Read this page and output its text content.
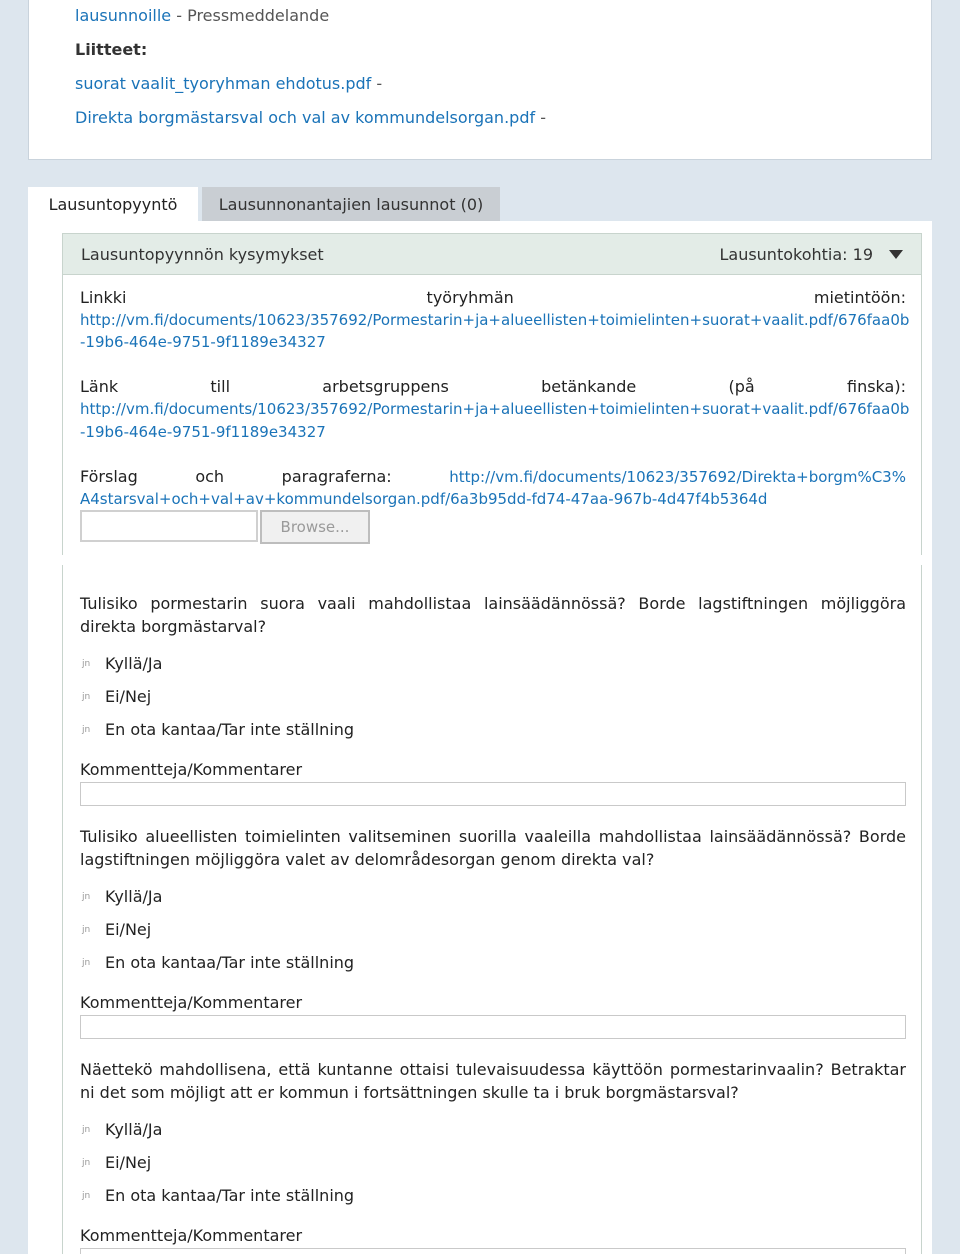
lausunnoille - Pressmeddelande
Liitteet:
suorat vaalit_tyoryhman ehdotus.pdf -
Direkta borgmästarsval och val av kommundelsorgan.pdf -
Lausuntopyyntö	Lausunnonantajien lausunnot (0)
Lausuntopyynnön kysymykset	Lausuntokohtia: 19
Linkki	työryhmän	mietintöön:
http://vm.fi/documents/10623/357692/Pormestarin+ja+alueellisten+toimielinten+suorat+vaalit.pdf/676faa0b
-19b6-464e-9751-9f1189e34327
Länk	till	arbetsgruppens	betänkande	(på	finska):
http://vm.fi/documents/10623/357692/Pormestarin+ja+alueellisten+toimielinten+suorat+vaalit.pdf/676faa0b
-19b6-464e-9751-9f1189e34327
Förslag	och	paragraferna:	http://vm.fi/documents/10623/357692/Direkta+borgm%C3%
A4starsval+och+val+av+kommundelsorgan.pdf/6a3b95dd-fd74-47aa-967b-4d47f4b5364d
Browse...
Tulisiko pormestarin suora vaali mahdollistaa lainsäädännössä? Borde lagstiftningen möjliggöra direkta borgmästarval?
jn Kyllä/Ja
jn Ei/Nej
jn En ota kantaa/Tar inte ställning
Kommentteja/Kommentarer
Tulisiko alueellisten toimielinten valitseminen suorilla vaaleilla mahdollistaa lainsäädännössä? Borde lagstiftningen möjliggöra valet av delområdesorgan genom direkta val?
jn Kyllä/Ja
jn Ei/Nej
jn En ota kantaa/Tar inte ställning
Kommentteja/Kommentarer
Näettekö mahdollisena, että kuntanne ottaisi tulevaisuudessa käyttöön pormestarinvaalin? Betraktar ni det som möjligt att er kommun i fortsättningen skulle ta i bruk borgmästarsval?
jn Kyllä/Ja
jn Ei/Nej
jn En ota kantaa/Tar inte ställning
Kommentteja/Kommentarer
